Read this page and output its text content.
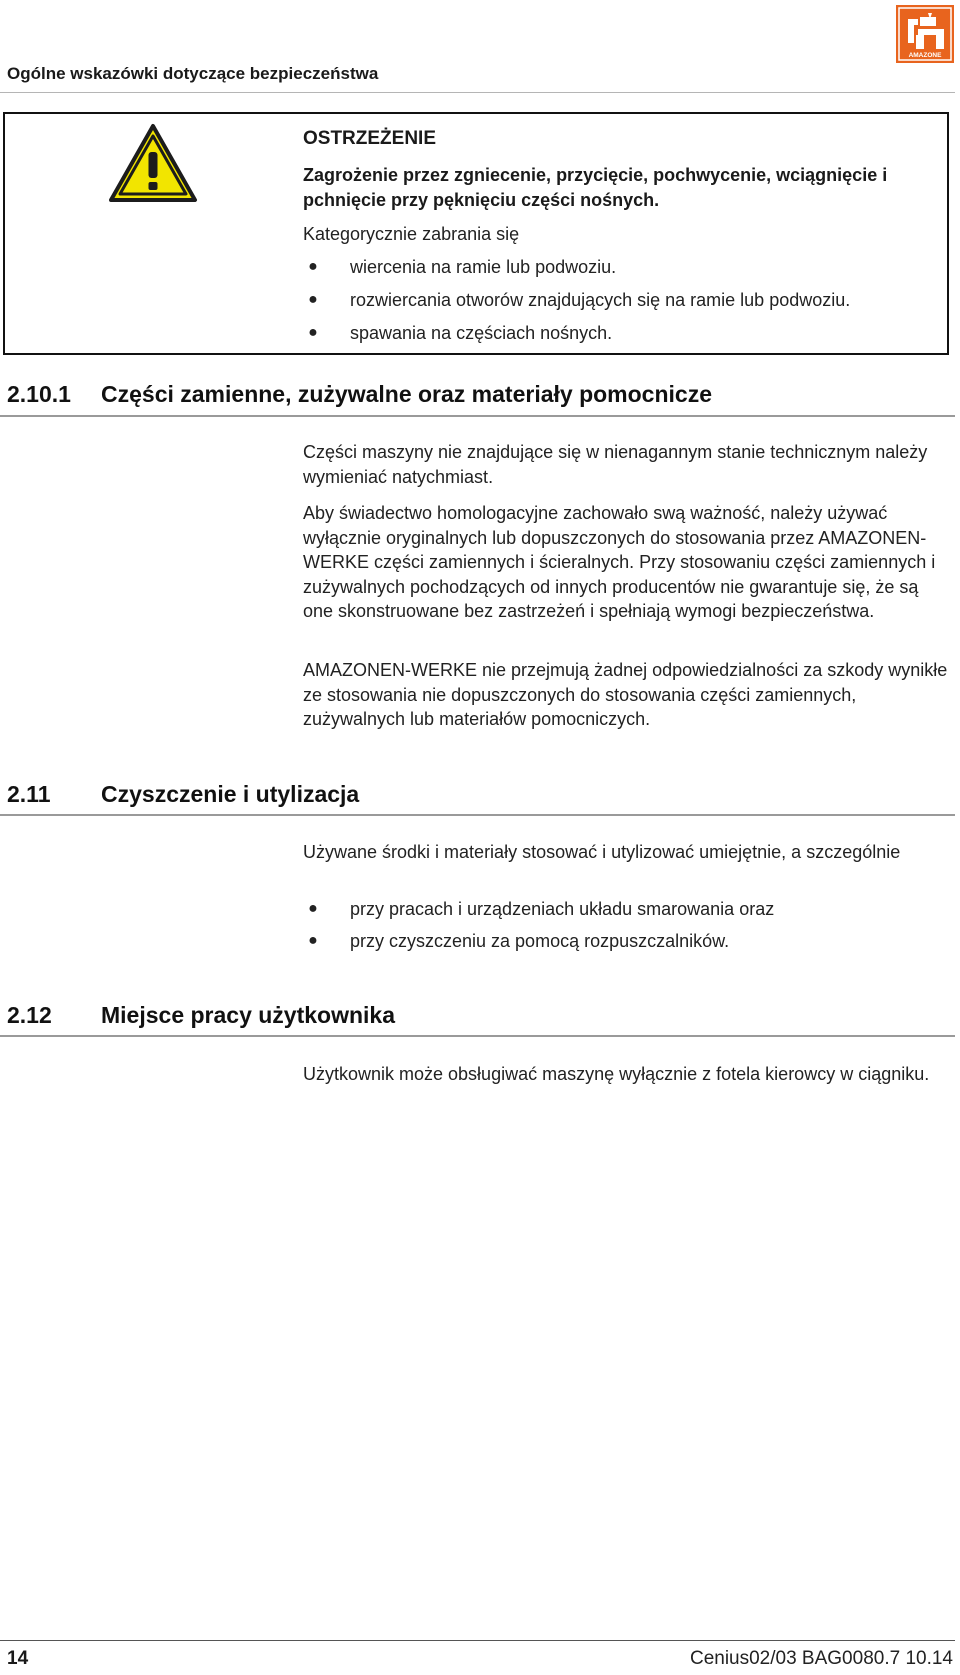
Ogólne wskazówki dotyczące bezpieczeństwa
AMAZONE
OSTRZEŻENIE
Zagrożenie przez zgniecenie, przycięcie, pochwycenie, wciągnięcie i pchnięcie przy pęknięciu części nośnych.
Kategorycznie zabrania się
● wiercenia na ramie lub podwoziu.
● rozwiercania otworów znajdujących się na ramie lub podwoziu.
● spawania na częściach nośnych.
2.10.1 Części zamienne, zużywalne oraz materiały pomocnicze
Części maszyny nie znajdujące się w nienagannym stanie technicznym należy wymieniać natychmiast.
Aby świadectwo homologacyjne zachowało swą ważność, należy używać wyłącznie oryginalnych lub dopuszczonych do stosowania przez AMAZONEN-WERKE części zamiennych i ścieralnych. Przy stosowaniu części zamiennych i zużywalnych pochodzących od innych producentów nie gwarantuje się, że są one skonstruowane bez zastrzeżeń i spełniają wymogi bezpieczeństwa.
AMAZONEN-WERKE nie przejmują żadnej odpowiedzialności za szkody wynikłe ze stosowania nie dopuszczonych do stosowania części zamiennych, zużywalnych lub materiałów pomocniczych.
2.11 Czyszczenie i utylizacja
Używane środki i materiały stosować i utylizować umiejętnie, a szczególnie
● przy pracach i urządzeniach układu smarowania oraz
● przy czyszczeniu za pomocą rozpuszczalników.
2.12 Miejsce pracy użytkownika
Użytkownik może obsługiwać maszynę wyłącznie z fotela kierowcy w ciągniku.
14	Cenius02/03 BAG0080.7 10.14
